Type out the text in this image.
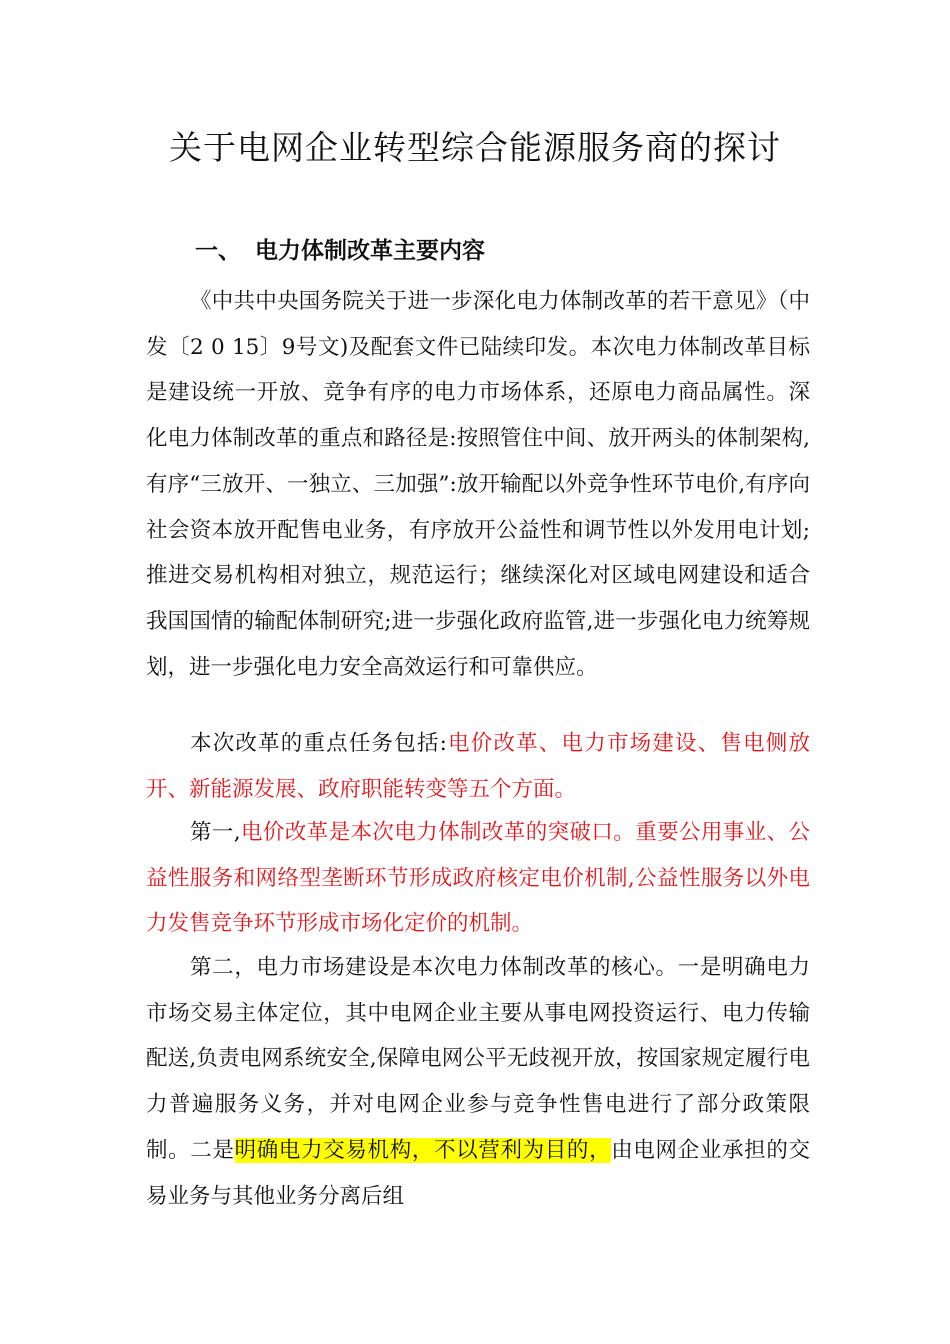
关于电网企业转型综合能源服务商的探讨
一、 电力体制改革主要内容

《中共中央国务院关于进一步深化电力体制改革的若干意见》（中发〔2 0 15〕9号文)及配套文件已陆续印发。本次电力体制改革目标是建设统一开放、竞争有序的电力市场体系，还原电力商品属性。深化电力体制改革的重点和路径是:按照管住中间、放开两头的体制架构,有序“三放开、一独立、三加强”:放开输配以外竞争性环节电价,有序向社会资本放开配售电业务，有序放开公益性和调节性以外发用电计划;推进交易机构相对独立，规范运行；继续深化对区域电网建设和适合我国国情的输配体制研究;进一步强化政府监管,进一步强化电力统筹规划，进一步强化电力安全高效运行和可靠供应。

本次改革的重点任务包括:电价改革、电力市场建设、售电侧放开、新能源发展、政府职能转变等五个方面。

第一,电价改革是本次电力体制改革的突破口。重要公用事业、公益性服务和网络型垄断环节形成政府核定电价机制,公益性服务以外电力发售竞争环节形成市场化定价的机制。

第二，电力市场建设是本次电力体制改革的核心。一是明确电力市场交易主体定位，其中电网企业主要从事电网投资运行、电力传输配送,负责电网系统安全,保障电网公平无歧视开放，按国家规定履行电力普遍服务义务，并对电网企业参与竞争性售电进行了部分政策限制。二是明确电力交易机构，不以营利为目的，由电网企业承担的交易业务与其他业务分离后组
